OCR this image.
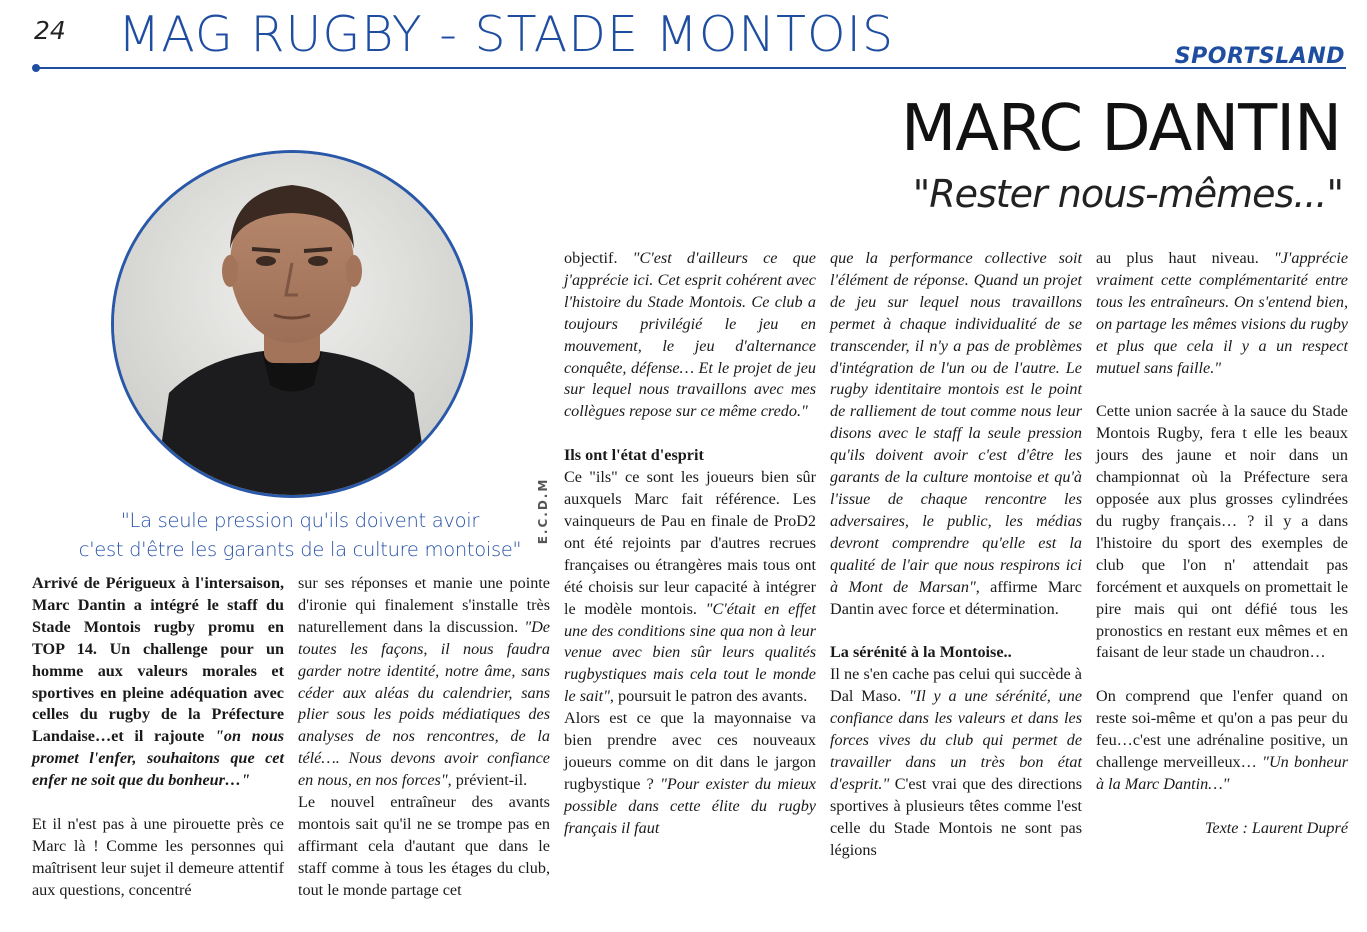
24 MAG RUGBY - STADE MONTOIS	SPORTSLAND
MARC DANTIN
"Rester nous-mêmes..."
"La seule pression qu'ils doivent avoir
c'est d'être les garants de la culture montoise"
E.C.D.M

Arrivé de Périgueux à l'intersaison, Marc Dantin a intégré le staff du Stade Montois rugby promu en TOP 14. Un challenge pour un homme aux valeurs morales et sportives en pleine adéquation avec celles du rugby de la Préfecture Landaise…et il rajoute "on nous promet l'enfer, souhaitons que cet enfer ne soit que du bonheur…"

Et il n'est pas à une pirouette près ce Marc là ! Comme les personnes qui maîtrisent leur sujet il demeure attentif aux questions, concentré

sur ses réponses et manie une pointe d'ironie qui finalement s'installe très naturellement dans la discussion. "De toutes les façons, il nous faudra garder notre identité, notre âme, sans céder aux aléas du calendrier, sans plier sous les poids médiatiques des analyses de nos rencontres, de la télé…. Nous devons avoir confiance en nous, en nos forces", prévient-il.

Le nouvel entraîneur des avants montois sait qu'il ne se trompe pas en affirmant cela d'autant que dans le staff comme à tous les étages du club, tout le monde partage cet

objectif. "C'est d'ailleurs ce que j'apprécie ici. Cet esprit cohérent avec l'histoire du Stade Montois. Ce club a toujours privilégié le jeu en mouvement, le jeu d'alternance conquête, défense… Et le projet de jeu sur lequel nous travaillons avec mes collègues repose sur ce même credo."

Ils ont l'état d'esprit

Ce "ils" ce sont les joueurs bien sûr auxquels Marc fait référence. Les vainqueurs de Pau en finale de ProD2 ont été rejoints par d'autres recrues françaises ou étrangères mais tous ont été choisis sur leur capacité à intégrer le modèle montois. "C'était en effet une des conditions sine qua non à leur venue avec bien sûr leurs qualités rugbystiques mais cela tout le monde le sait", poursuit le patron des avants.

Alors est ce que la mayonnaise va bien prendre avec ces nouveaux joueurs comme on dit dans le jargon rugbystique ? "Pour exister du mieux possible dans cette élite du rugby français il faut

que la performance collective soit l'élément de réponse. Quand un projet de jeu sur lequel nous travaillons permet à chaque individualité de se transcender, il n'y a pas de problèmes d'intégration de l'un ou de l'autre. Le rugby identitaire montois est le point de ralliement de tout comme nous leur disons avec le staff la seule pression qu'ils doivent avoir c'est d'être les garants de la culture montoise et qu'à l'issue de chaque rencontre les adversaires, le public, les médias devront comprendre qu'elle est la qualité de l'air que nous respirons ici à Mont de Marsan", affirme Marc Dantin avec force et détermination.

La sérénité à la Montoise..

Il ne s'en cache pas celui qui succède à Dal Maso. "Il y a une sérénité, une confiance dans les valeurs et dans les forces vives du club qui permet de travailler dans un très bon état d'esprit." C'est vrai que des directions sportives à plusieurs têtes comme l'est celle du Stade Montois ne sont pas légions

au plus haut niveau. "J'apprécie vraiment cette complémentarité entre tous les entraîneurs. On s'entend bien, on partage les mêmes visions du rugby et plus que cela il y a un respect mutuel sans faille."

Cette union sacrée à la sauce du Stade Montois Rugby, fera t elle les beaux jours des jaune et noir dans un championnat où la Préfecture sera opposée aux plus grosses cylindrées du rugby français… ? il y a dans l'histoire du sport des exemples de club que l'on n' attendait pas forcément et auxquels on promettait le pire mais qui ont défié tous les pronostics en restant eux mêmes et en faisant de leur stade un chaudron…

On comprend que l'enfer quand on reste soi-même et qu'on a pas peur du feu…c'est une adrénaline positive, un challenge merveilleux… "Un bonheur à la Marc Dantin…"

Texte : Laurent Dupré
